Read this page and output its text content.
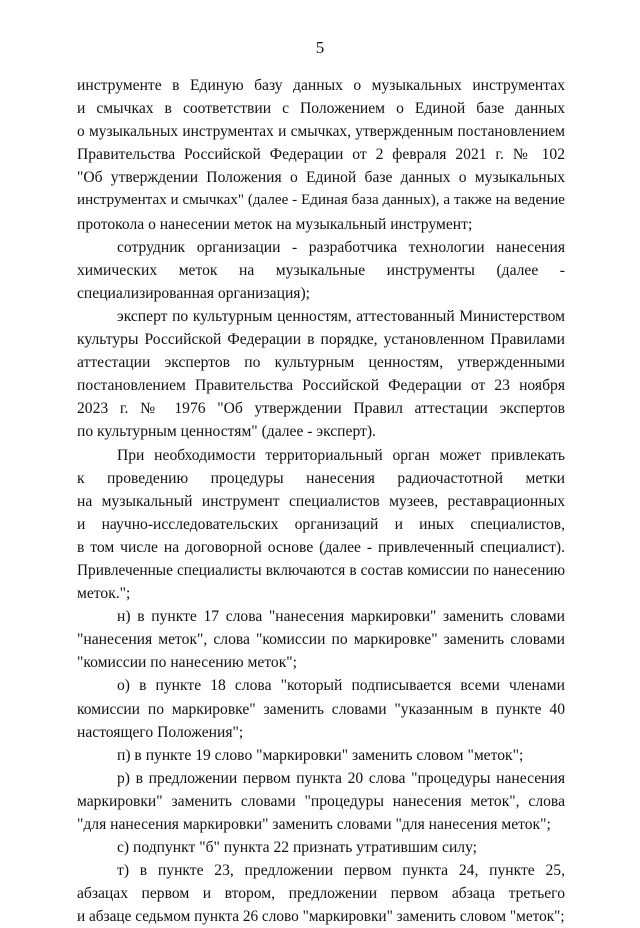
5
инструменте в Единую базу данных о музыкальных инструментах
и смычках в соответствии с Положением о Единой базе данных
о музыкальных инструментах и смычках, утвержденным постановлением
Правительства Российской Федерации от 2 февраля 2021 г. № 102
"Об утверждении Положения о Единой базе данных о музыкальных
инструментах и смычках" (далее - Единая база данных), а также на ведение
протокола о нанесении меток на музыкальный инструмент;
сотрудник организации - разработчика технологии нанесения
химических меток на музыкальные инструменты (далее -
специализированная организация);
эксперт по культурным ценностям, аттестованный Министерством
культуры Российской Федерации в порядке, установленном Правилами
аттестации экспертов по культурным ценностям, утвержденными
постановлением Правительства Российской Федерации от 23 ноября
2023 г. № 1976 "Об утверждении Правил аттестации экспертов
по культурным ценностям" (далее - эксперт).
При необходимости территориальный орган может привлекать
к проведению процедуры нанесения радиочастотной метки
на музыкальный инструмент специалистов музеев, реставрационных
и научно-исследовательских организаций и иных специалистов,
в том числе на договорной основе (далее - привлеченный специалист).
Привлеченные специалисты включаются в состав комиссии по нанесению
меток.";
н) в пункте 17 слова "нанесения маркировки" заменить словами
"нанесения меток", слова "комиссии по маркировке" заменить словами
"комиссии по нанесению меток";
о) в пункте 18 слова "который подписывается всеми членами
комиссии по маркировке" заменить словами "указанным в пункте 40
настоящего Положения";
п) в пункте 19 слово "маркировки" заменить словом "меток";
р) в предложении первом пункта 20 слова "процедуры нанесения
маркировки" заменить словами "процедуры нанесения меток", слова
"для нанесения маркировки" заменить словами "для нанесения меток";
с) подпункт "б" пункта 22 признать утратившим силу;
т) в пункте 23, предложении первом пункта 24, пункте 25,
абзацах первом и втором, предложении первом абзаца третьего
и абзаце седьмом пункта 26 слово "маркировки" заменить словом "меток";
